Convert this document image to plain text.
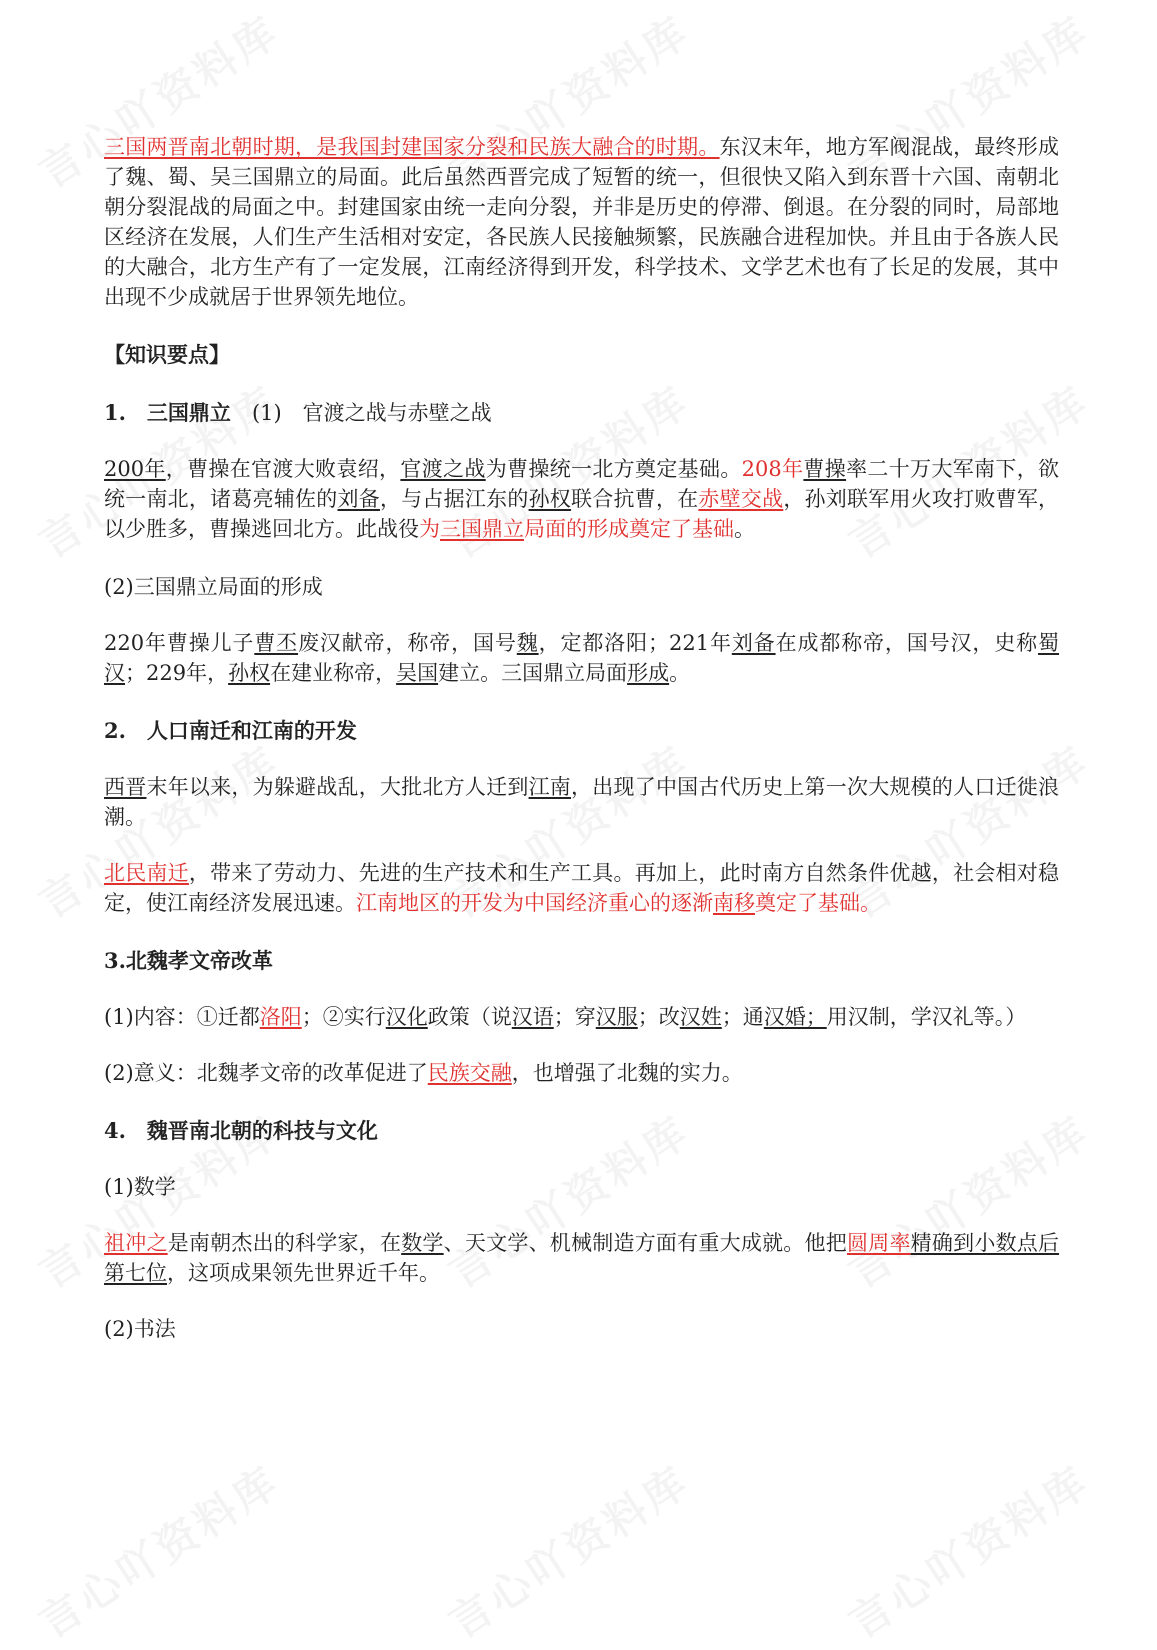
三国两晋南北朝时期，是我国封建国家分裂和民族大融合的时期。东汉末年，地方军阀混战，最终形成了魏、蜀、吴三国鼎立的局面。此后虽然西晋完成了短暂的统一，但很快又陷入到东晋十六国、南朝北朝分裂混战的局面之中。封建国家由统一走向分裂，并非是历史的停滞、倒退。在分裂的同时，局部地区经济在发展，人们生产生活相对安定，各民族人民接触频繁，民族融合进程加快。并且由于各族人民的大融合，北方生产有了一定发展，江南经济得到开发，科学技术、文学艺术也有了长足的发展，其中出现不少成就居于世界领先地位。

【知识要点】

1.　三国鼎立　 (1)　官渡之战与赤壁之战

200年，曹操在官渡大败袁绍，官渡之战为曹操统一北方奠定基础。208年曹操率二十万大军南下，欲统一南北，诸葛亮辅佐的刘备，与占据江东的孙权联合抗曹，在赤壁交战，孙刘联军用火攻打败曹军，以少胜多，曹操逃回北方。此战役为三国鼎立局面的形成奠定了基础。

(2)三国鼎立局面的形成

220年曹操儿子曹丕废汉献帝，称帝，国号魏，定都洛阳；221年刘备在成都称帝，国号汉，史称蜀汉；229年，孙权在建业称帝，吴国建立。三国鼎立局面形成。

2.　人口南迁和江南的开发

西晋末年以来，为躲避战乱，大批北方人迁到江南，出现了中国古代历史上第一次大规模的人口迁徙浪潮。

北民南迁，带来了劳动力、先进的生产技术和生产工具。再加上，此时南方自然条件优越，社会相对稳定，使江南经济发展迅速。江南地区的开发为中国经济重心的逐渐南移奠定了基础。

3.北魏孝文帝改革

(1)内容：①迁都洛阳；②实行汉化政策（说汉语；穿汉服；改汉姓；通汉婚；用汉制，学汉礼等。）

(2)意义：北魏孝文帝的改革促进了民族交融，也增强了北魏的实力。

4.　魏晋南北朝的科技与文化

(1)数学

祖冲之是南朝杰出的科学家，在数学、天文学、机械制造方面有重大成就。他把圆周率精确到小数点后第七位，这项成果领先世界近千年。

(2)书法
